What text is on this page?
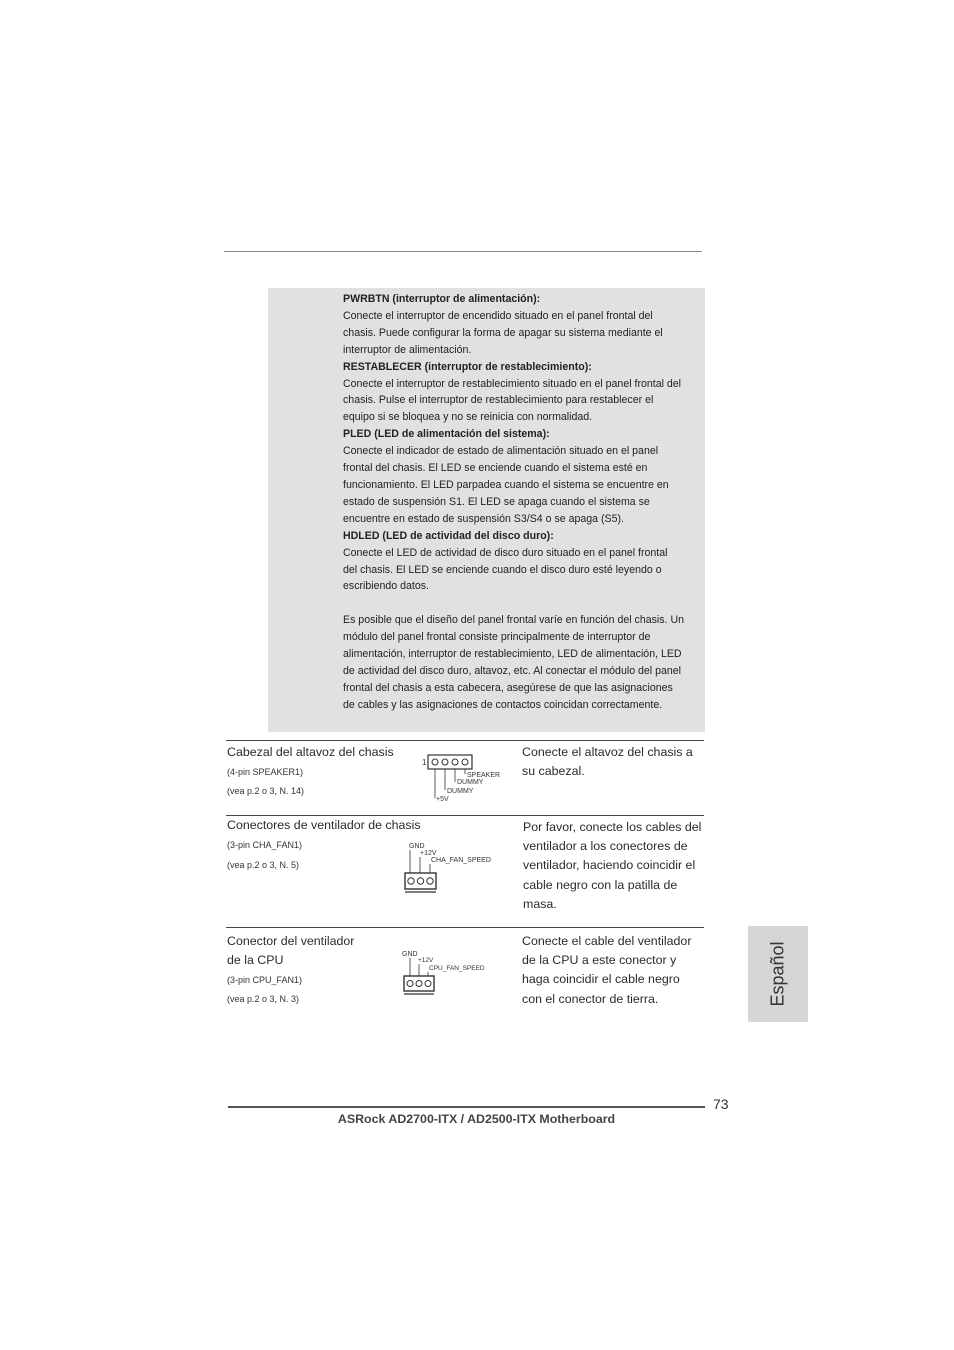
PWRBTN (interruptor de alimentación):

Conecte el interruptor de encendido situado en el panel frontal del

chasis. Puede configurar la forma de apagar su sistema mediante el

interruptor de alimentación.

RESTABLECER (interruptor de restablecimiento):

Conecte el interruptor de restablecimiento situado en el panel frontal del

chasis. Pulse el interruptor de restablecimiento para restablecer el

equipo si se bloquea y no se reinicia con normalidad.

PLED (LED de alimentación del sistema):

Conecte el indicador de estado de alimentación situado en el panel

frontal del chasis. El LED se enciende cuando el sistema esté en

funcionamiento. El LED parpadea cuando el sistema se encuentre en

estado de suspensión S1. El LED se apaga cuando el sistema se

encuentre en estado de suspensión S3/S4 o se apaga (S5).

HDLED (LED de actividad del disco duro):

Conecte el LED de actividad de disco duro situado en el panel frontal

del chasis. El LED se enciende cuando el disco duro esté leyendo o

escribiendo datos.

Es posible que el diseño del panel frontal varíe en función del chasis. Un

módulo del panel frontal consiste principalmente de interruptor de

alimentación, interruptor de restablecimiento, LED de alimentación, LED

de actividad del disco duro, altavoz, etc. Al conectar el módulo del panel

frontal del chasis a esta cabecera, asegúrese de que las asignaciones

de cables y las asignaciones de contactos coincidan correctamente.

Cabezal del altavoz del chasis
(4-pin SPEAKER1)
(vea p.2 o 3, N. 14)
1
SPEAKER
DUMMY
DUMMY
+5V
Conecte el altavoz del chasis a
su cabezal.
Conectores de ventilador de chasis
(3-pin CHA_FAN1)
(vea p.2 o 3, N. 5)
GND
+12V
CHA_FAN_SPEED
Por favor, conecte los cables del
ventilador a los conectores de
ventilador, haciendo coincidir el
cable negro con la patilla de
masa.
Conector del ventilador
de la CPU
(3-pin CPU_FAN1)
(vea p.2 o 3, N. 3)
GND
+12V
CPU_FAN_SPEED
Conecte el cable del ventilador
de la CPU a este conector y
haga coincidir el cable negro
con el conector de tierra.	Español
73
ASRock AD2700-ITX / AD2500-ITX Motherboard
